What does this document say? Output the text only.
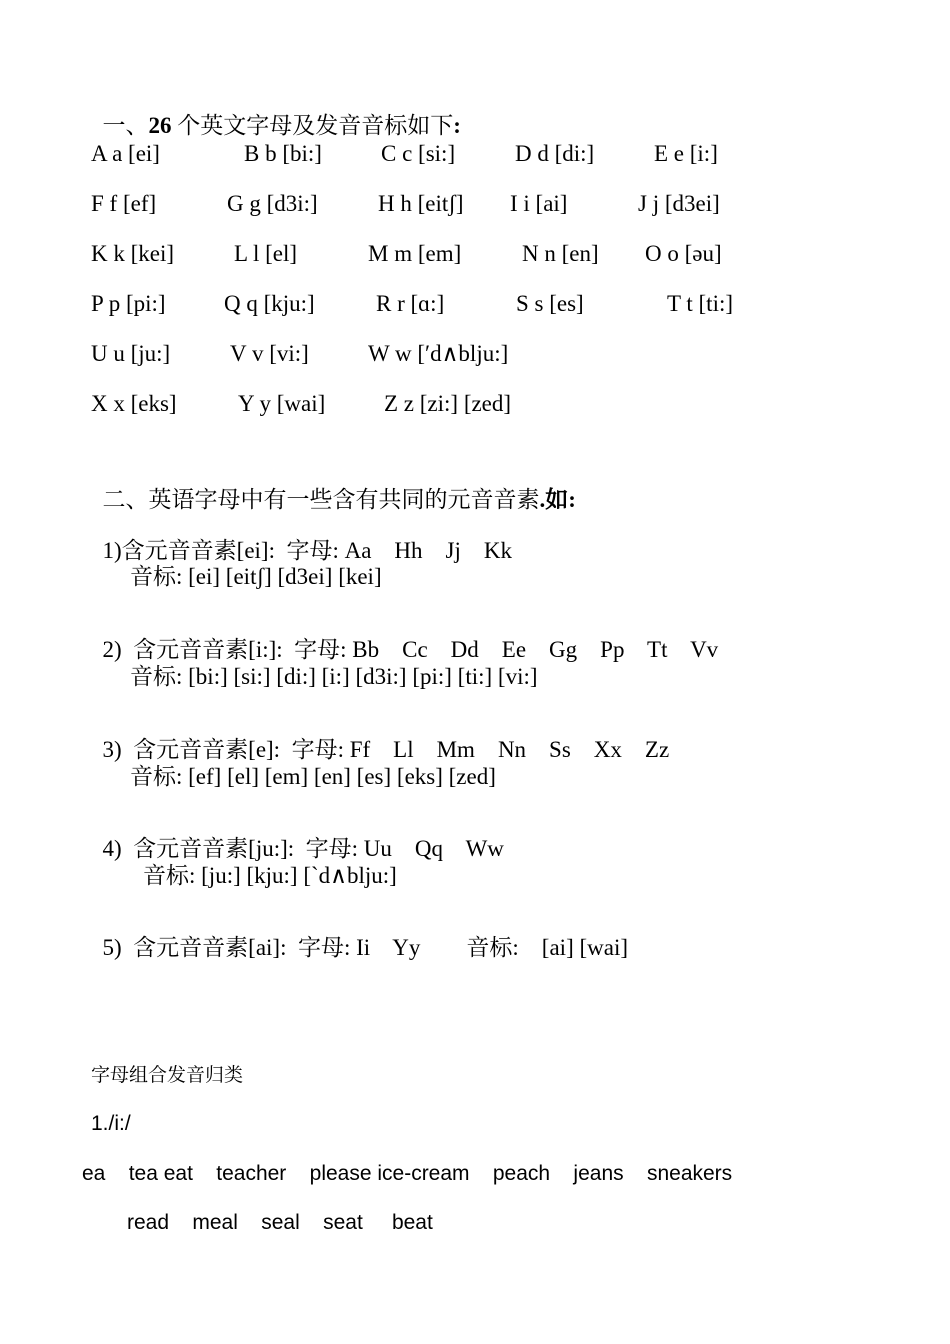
一、26 个英文字母及发音音标如下:

A a [ei]	B b [bi:]	C c [si:]	D d [di:]	E e [i:]
F f [ef]	G g [d3i:]	H h [eitʃ] I i [ai]	J j [d3ei]
K k [kei]	L l [el]	M m [em]	N n [en] O o [əu]
P p [pi:]	Q q [kju:]	R r [ɑ:]	S s [es]	T t [ti:]
U u [ju:]	V v [vi:]	W w [′d∧blju:]
X x [eks]	Y y [wai]	Z z [zi:] [zed]

二、英语字母中有一些含有共同的元音音素.如:

1)含元音音素[ei]:  字母: Aa    Hh    Jj    Kk

音标: [ei] [eitʃ] [d3ei] [kei]

2)  含元音音素[i:]:  字母: Bb    Cc    Dd    Ee    Gg    Pp    Tt    Vv

音标: [bi:] [si:] [di:] [i:] [d3i:] [pi:] [ti:] [vi:]

3)  含元音音素[e]:  字母: Ff    Ll    Mm    Nn    Ss    Xx    Zz

音标: [ef] [el] [em] [en] [es] [eks] [zed]

4)  含元音音素[ju:]:  字母: Uu    Qq    Ww

音标: [ju:] [kju:] [`d∧blju:]

5)  含元音音素[ai]:  字母: Ii    Yy        音标:    [ai] [wai]

字母组合发音归类
1./i:/
ea    tea eat    teacher    please ice-cream    peach    jeans    sneakers
read    meal    seal    seat     beat
